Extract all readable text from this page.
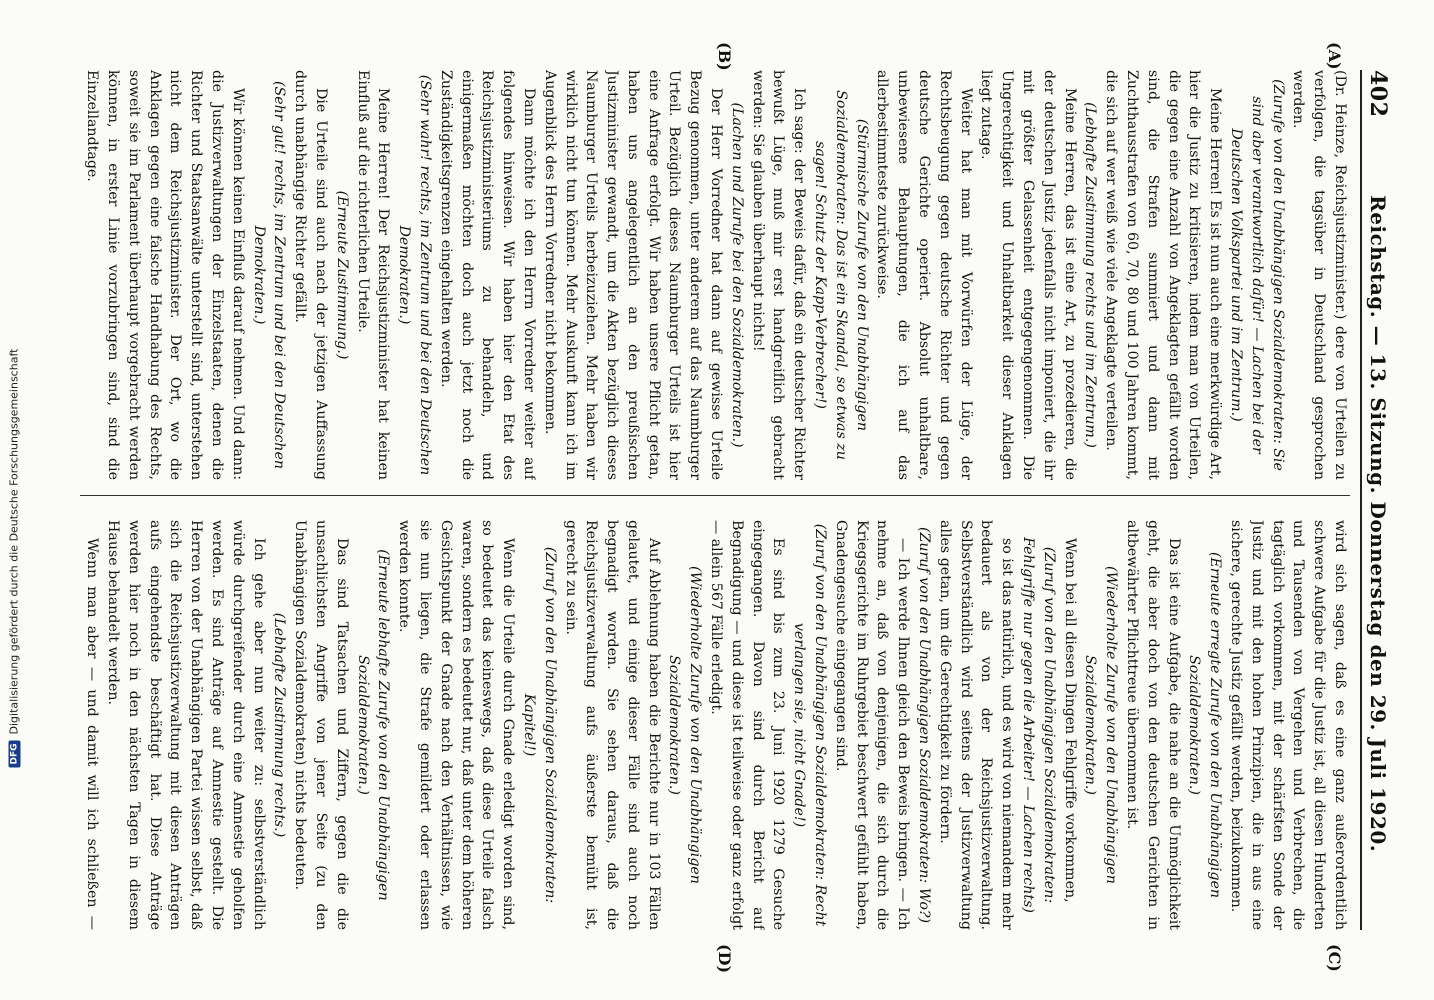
402
Reichstag. — 13. Sitzung. Donnerstag den 29. Juli 1920.
(A)
(B)
(C)
(D)

(Dr. Heinze, Reichsjustizminister.) dere von Urteilen zu verfolgen, die tagsüber in Deutschland gesprochen werden.

(Zurufe von den Unabhängigen Sozialdemokraten: Sie sind aber verantwortlich dafür! — Lachen bei der Deutschen Volkspartei und im Zentrum.)

Meine Herren! Es ist nun auch eine merkwürdige Art, hier die Justiz zu kritisieren, indem man von Urteilen, die gegen eine Anzahl von Angeklagten gefällt worden sind, die Strafen summiert und dann mit Zuchthausstrafen von 60, 70, 80 und 100 Jahren kommt, die sich auf wer weiß wie viele Angeklagte verteilen.

(Lebhafte Zustimmung rechts und im Zentrum.)

Meine Herren, das ist eine Art, zu prozedieren, die der deutschen Justiz jedenfalls nicht imponiert, die ihr mit größter Gelassenheit entgegengenommen. Die Ungerechtigkeit und Unhaltbarkeit dieser Anklagen liegt zutage.

Weiter hat man mit Vorwürfen der Lüge, der Rechtsbeugung gegen deutsche Richter und gegen deutsche Gerichte operiert. Absolut unhaltbare, unbewiesene Behauptungen, die ich auf das allerbestimmteste zurückweise.

(Stürmische Zurufe von den Unabhängigen Sozialdemokraten: Das ist ein Skandal, so etwas zu sagen! Schutz der Kapp-Verbrecher!)

Ich sage: der Beweis dafür, daß ein deutscher Richter bewußt Lüge, muß mir erst handgreiflich gebracht werden: Sie glauben überhaupt nichts!

(Lachen und Zurufe bei den Sozialdemokraten.)

Der Herr Vorredner hat dann auf gewisse Urteile Bezug genommen, unter anderem auf das Naumburger Urteil. Bezüglich dieses Naumburger Urteils ist hier eine Anfrage erfolgt. Wir haben unsere Pflicht getan, haben uns angelegentlich an den preußischen Justizminister gewandt, um die Akten bezüglich dieses Naumburger Urteils herbeizuziehen. Mehr haben wir wirklich nicht tun können. Mehr Auskunft kann ich im Augenblick des Herrn Vorredner nicht bekommen.

Dann möchte ich den Herrn Vorredner weiter auf folgendes hinweisen. Wir haben hier den Etat des Reichsjustizministeriums zu behandeln, und einigermaßen möchten doch auch jetzt noch die Zuständigkeitsgrenzen eingehalten werden.

(Sehr wahr! rechts, im Zentrum und bei den Deutschen Demokraten.)

Meine Herren! Der Reichsjustizminister hat keinen Einfluß auf die richterlichen Urteile.

(Erneute Zustimmung.)

Die Urteile sind auch nach der jetzigen Auffassung durch unabhängige Richter gefällt.

(Sehr gut! rechts, im Zentrum und bei den Deutschen Demokraten.)

Wir können keinen Einfluß darauf nehmen. Und dann: die Justizverwaltungen der Einzelstaaten, denen die Richter und Staatsanwälte unterstellt sind, unterstehen nicht dem Reichsjustizminister. Der Ort, wo die Anklagen gegen eine falsche Handhabung des Rechts, soweit sie im Parlament überhaupt vorgebracht werden können, in erster Linie vorzubringen sind, sind die Einzellandtage.

wird sich sagen, daß es eine ganz außerordentlich schwere Aufgabe für die Justiz ist, all diesen Hunderten und Tausenden von Vergehen und Verbrechen, die tagtäglich vorkommen, mit der schärfsten Sonde der Justiz und mit den hohen Prinzipien, die in aus eine sichere, gerechte Justiz gefällt werden, beizukommen.

(Erneute erregte Zurufe von den Unabhängigen Sozialdemokraten.)

Das ist eine Aufgabe, die nahe an die Unmöglichkeit geht, die aber doch von den deutschen Gerichten in altbewährter Pflichttreue übernommen ist.

(Wiederholte Zurufe von den Unabhängigen Sozialdemokraten.)

Wenn bei all diesen Dingen Fehlgriffe vorkommen,

(Zuruf von den Unabhängigen Sozialdemokraten: Fehlgriffe nur gegen die Arbeiter! — Lachen rechts)

so ist das natürlich, und es wird von niemandem mehr bedauert als von der Reichsjustizverwaltung. Selbstverständlich wird seitens der Justizverwaltung alles getan, um die Gerechtigkeit zu fördern.

(Zuruf von den Unabhängigen Sozialdemokraten: Wo?)

— Ich werde Ihnen gleich den Beweis bringen. — Ich nehme an, daß von denjenigen, die sich durch die Kriegsgerichte im Ruhrgebiet beschwert gefühlt haben, Gnadengesuche eingegangen sind.

(Zuruf von den Unabhängigen Sozialdemokraten: Recht verlangen sie, nicht Gnade!)

Es sind bis zum 23. Juni 1920 1279 Gesuche eingegangen. Davon sind durch Bericht auf Begnadigung — und diese ist teilweise oder ganz erfolgt — allein 567 Fälle erledigt.

(Wiederholte Zurufe von den Unabhängigen Sozialdemokraten.)

Auf Ablehnung haben die Berichte nur in 103 Fällen gelautet, und einige dieser Fälle sind auch noch begnadigt worden. Sie sehen daraus, daß die Reichsjustizverwaltung aufs äußerste bemüht ist, gerecht zu sein.

(Zuruf von den Unabhängigen Sozialdemokraten: Kapitel!)

Wenn die Urteile durch Gnade erledigt worden sind, so bedeutet das keineswegs, daß diese Urteile falsch waren, sondern es bedeutet nur, daß unter dem höheren Gesichtspunkt der Gnade nach den Verhältnissen, wie sie nun liegen, die Strafe gemildert oder erlassen werden konnte.

(Erneute lebhafte Zurufe von den Unabhängigen Sozialdemokraten.)

Das sind Tatsachen und Ziffern, gegen die die unsachlichsten Angriffe von jener Seite (zu den Unabhängigen Sozialdemokraten) nichts bedeuten.

(Lebhafte Zustimmung rechts.)

Ich gehe aber nun weiter zu: selbstverständlich würde durchgreifender durch eine Amnestie geholfen werden. Es sind Anträge auf Amnestie gestellt. Die Herren von der Unabhängigen Partei wissen selbst, daß sich die Reichsjustizverwaltung mit diesen Anträgen aufs eingehendste beschäftigt hat. Diese Anträge werden hier noch in den nächsten Tagen in diesem Hause behandelt werden.

Wenn man aber — und damit will ich schließen —

DFG
Digitalisierung gefördert durch die Deutsche Forschungsgemeinschaft
